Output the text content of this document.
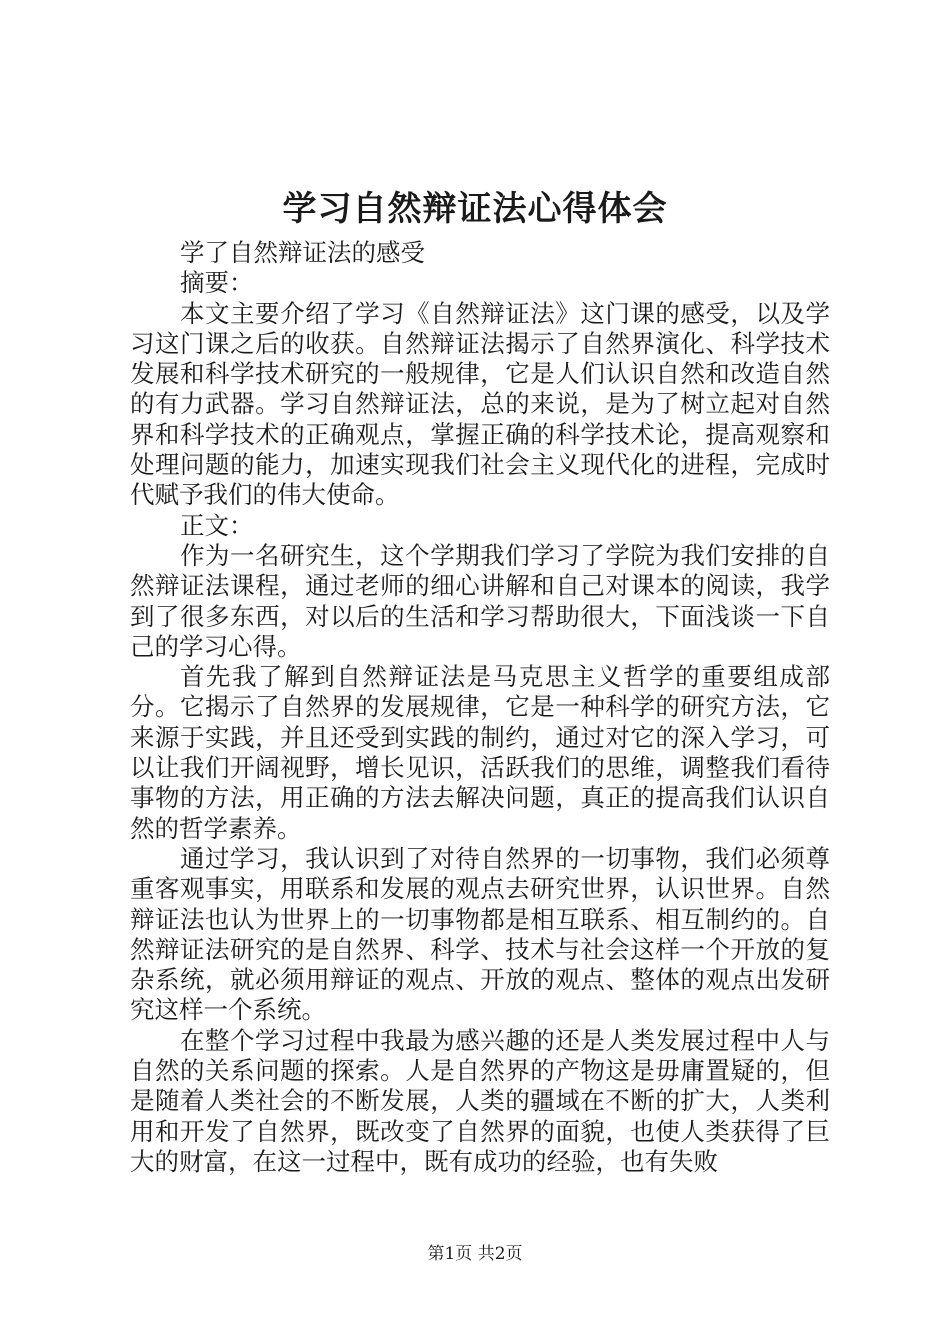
学习自然辩证法心得体会

学了自然辩证法的感受

摘要：

本文主要介绍了学习《自然辩证法》这门课的感受，以及学习这门课之后的收获。自然辩证法揭示了自然界演化、科学技术发展和科学技术研究的一般规律，它是人们认识自然和改造自然的有力武器。学习自然辩证法，总的来说，是为了树立起对自然界和科学技术的正确观点，掌握正确的科学技术论，提高观察和处理问题的能力，加速实现我们社会主义现代化的进程，完成时代赋予我们的伟大使命。

正文：

作为一名研究生，这个学期我们学习了学院为我们安排的自然辩证法课程，通过老师的细心讲解和自己对课本的阅读，我学到了很多东西，对以后的生活和学习帮助很大，下面浅谈一下自己的学习心得。

首先我了解到自然辩证法是马克思主义哲学的重要组成部分。它揭示了自然界的发展规律，它是一种科学的研究方法，它来源于实践，并且还受到实践的制约，通过对它的深入学习，可以让我们开阔视野，增长见识，活跃我们的思维，调整我们看待事物的方法，用正确的方法去解决问题，真正的提高我们认识自然的哲学素养。

通过学习，我认识到了对待自然界的一切事物，我们必须尊重客观事实，用联系和发展的观点去研究世界，认识世界。自然辩证法也认为世界上的一切事物都是相互联系、相互制约的。自然辩证法研究的是自然界、科学、技术与社会这样一个开放的复杂系统，就必须用辩证的观点、开放的观点、整体的观点出发研究这样一个系统。

在整个学习过程中我最为感兴趣的还是人类发展过程中人与自然的关系问题的探索。人是自然界的产物这是毋庸置疑的，但是随着人类社会的不断发展，人类的疆域在不断的扩大，人类利用和开发了自然界，既改变了自然界的面貌，也使人类获得了巨大的财富，在这一过程中，既有成功的经验，也有失败

第1页 共2页
